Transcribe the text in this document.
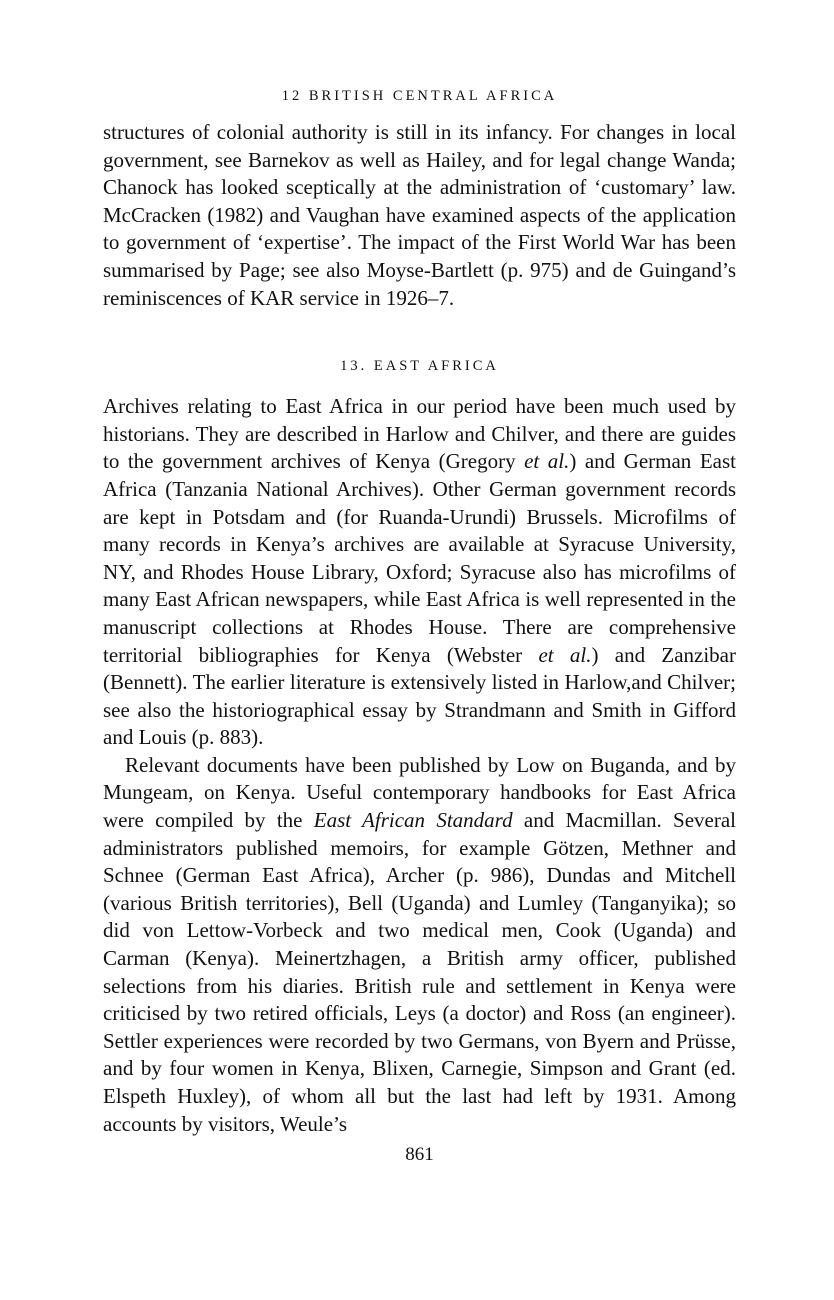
12 BRITISH CENTRAL AFRICA

structures of colonial authority is still in its infancy. For changes in local government, see Barnekov as well as Hailey, and for legal change Wanda; Chanock has looked sceptically at the administration of ‘customary’ law. McCracken (1982) and Vaughan have examined aspects of the application to government of ‘expertise’. The impact of the First World War has been summarised by Page; see also Moyse-Bartlett (p. 975) and de Guingand’s reminiscences of KAR service in 1926–7.

13. EAST AFRICA

Archives relating to East Africa in our period have been much used by historians. They are described in Harlow and Chilver, and there are guides to the government archives of Kenya (Gregory et al.) and German East Africa (Tanzania National Archives). Other German government records are kept in Potsdam and (for Ruanda-Urundi) Brussels. Microfilms of many records in Kenya’s archives are available at Syracuse University, NY, and Rhodes House Library, Oxford; Syracuse also has microfilms of many East African newspapers, while East Africa is well represented in the manuscript collections at Rhodes House. There are comprehensive territorial bibliographies for Kenya (Webster et al.) and Zanzibar (Bennett). The earlier literature is extensively listed in Harlow,and Chilver; see also the historiographical essay by Strandmann and Smith in Gifford and Louis (p. 883).

Relevant documents have been published by Low on Buganda, and by Mungeam, on Kenya. Useful contemporary handbooks for East Africa were compiled by the East African Standard and Macmillan. Several administrators published memoirs, for example Götzen, Methner and Schnee (German East Africa), Archer (p. 986), Dundas and Mitchell (various British territories), Bell (Uganda) and Lumley (Tanganyika); so did von Lettow-Vorbeck and two medical men, Cook (Uganda) and Carman (Kenya). Meinertzhagen, a British army officer, published selections from his diaries. British rule and settlement in Kenya were criticised by two retired officials, Leys (a doctor) and Ross (an engineer). Settler experiences were recorded by two Germans, von Byern and Prüsse, and by four women in Kenya, Blixen, Carnegie, Simpson and Grant (ed. Elspeth Huxley), of whom all but the last had left by 1931. Among accounts by visitors, Weule’s

861
